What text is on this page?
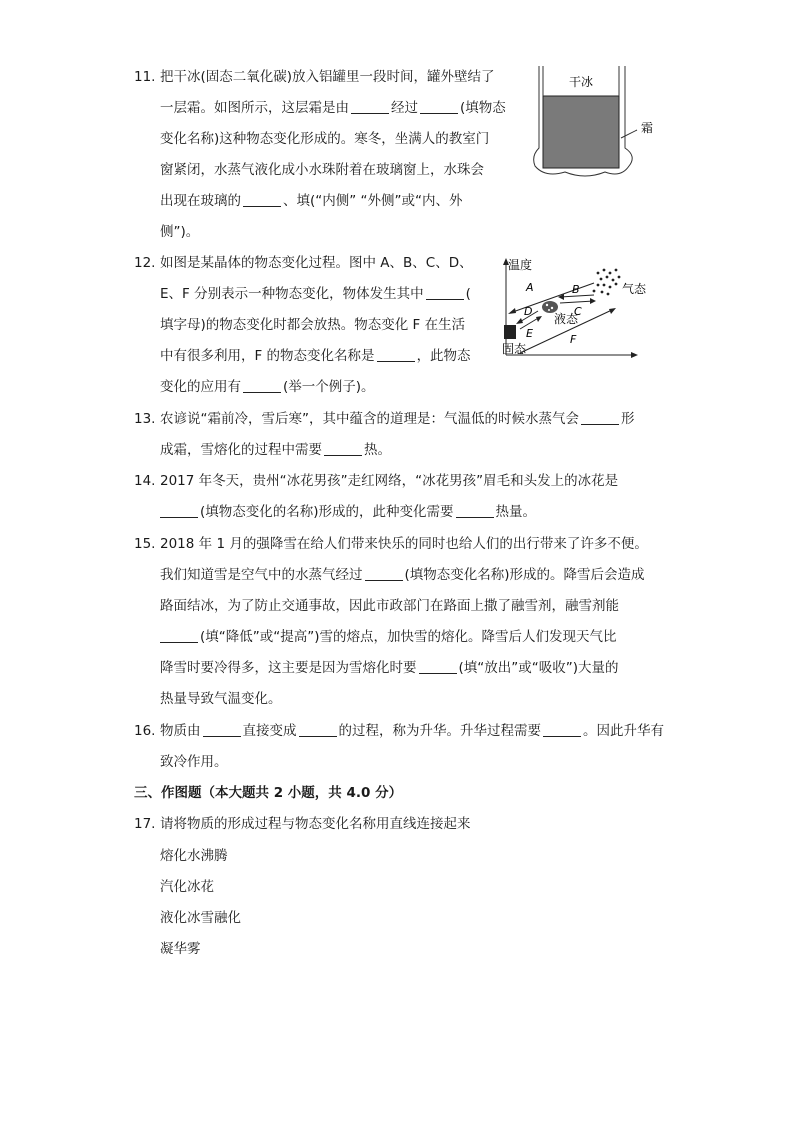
11. 把干冰(固态二氧化碳)放入铝罐里一段时间，罐外壁结了
一层霜。如图所示，这层霜是由	经过	(填物态
变化名称)这种物态变化形成的。寒冬，坐满人的教室门
窗紧闭，水蒸气液化成小水珠附着在玻璃窗上，水珠会
出现在玻璃的	、填(“内侧” “外侧”或“内、外
侧”)。
干冰
霜
12. 如图是某晶体的物态变化过程。图中 A、B、C、D、
E、F 分别表示一种物态变化，物体发生其中	(
填字母)的物态变化时都会放热。物态变化 F 在生活
中有很多利用，F 的物态变化名称是	，此物态
变化的应用有	(举一个例子)。
温度
A
F
B
C
D
E
气态
液态
固态
13. 农谚说“霜前冷，雪后寒”，其中蕴含的道理是：气温低的时候水蒸气会	形
成霜，雪熔化的过程中需要	热。
14. 2017 年冬天，贵州“冰花男孩”走红网络，“冰花男孩”眉毛和头发上的冰花是
(填物态变化的名称)形成的，此种变化需要	热量。
15. 2018 年 1 月的强降雪在给人们带来快乐的同时也给人们的出行带来了许多不便。
我们知道雪是空气中的水蒸气经过	(填物态变化名称)形成的。降雪后会造成
路面结冰，为了防止交通事故，因此市政部门在路面上撒了融雪剂，融雪剂能
(填“降低”或“提高”)雪的熔点，加快雪的熔化。降雪后人们发现天气比
降雪时要冷得多，这主要是因为雪熔化时要	(填“放出”或“吸收”)大量的
热量导致气温变化。
16. 物质由	直接变成	的过程，称为升华。升华过程需要	。因此升华有
致冷作用。
三、作图题（本大题共 2 小题，共 4.0 分）
17. 请将物质的形成过程与物态变化名称用直线连接起来
熔化水沸腾
汽化冰花
液化冰雪融化
凝华雾
